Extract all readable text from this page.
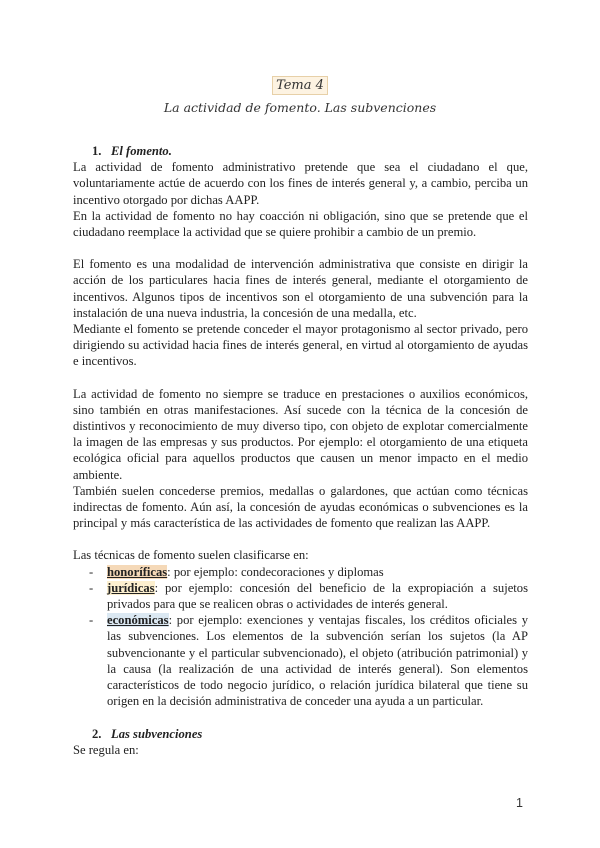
Tema 4
La actividad de fomento. Las subvenciones
1. El fomento.

La actividad de fomento administrativo pretende que sea el ciudadano el que, voluntariamente actúe de acuerdo con los fines de interés general y, a cambio, perciba un incentivo otorgado por dichas AAPP.

En la actividad de fomento no hay coacción ni obligación, sino que se pretende que el ciudadano reemplace la actividad que se quiere prohibir a cambio de un premio.

El fomento es una modalidad de intervención administrativa que consiste en dirigir la acción de los particulares hacia fines de interés general, mediante el otorgamiento de incentivos. Algunos tipos de incentivos son el otorgamiento de una subvención para la instalación de una nueva industria, la concesión de una medalla, etc.

Mediante el fomento se pretende conceder el mayor protagonismo al sector privado, pero dirigiendo su actividad hacia fines de interés general, en virtud al otorgamiento de ayudas e incentivos.

La actividad de fomento no siempre se traduce en prestaciones o auxilios económicos, sino también en otras manifestaciones. Así sucede con la técnica de la concesión de distintivos y reconocimiento de muy diverso tipo, con objeto de explotar comercialmente la imagen de las empresas y sus productos. Por ejemplo: el otorgamiento de una etiqueta ecológica oficial para aquellos productos que causen un menor impacto en el medio ambiente.

También suelen concederse premios, medallas o galardones, que actúan como técnicas indirectas de fomento. Aún así, la concesión de ayudas económicas o subvenciones es la principal y más característica de las actividades de fomento que realizan las AAPP.

Las técnicas de fomento suelen clasificarse en:

- honoríficas: por ejemplo: condecoraciones y diplomas
- jurídicas: por ejemplo: concesión del beneficio de la expropiación a sujetos privados para que se realicen obras o actividades de interés general.
- económicas: por ejemplo: exenciones y ventajas fiscales, los créditos oficiales y las subvenciones. Los elementos de la subvención serían los sujetos (la AP subvencionante y el particular subvencionado), el objeto (atribución patrimonial) y la causa (la realización de una actividad de interés general). Son elementos característicos de todo negocio jurídico, o relación jurídica bilateral que tiene su origen en la decisión administrativa de conceder una ayuda a un particular.
2. Las subvenciones

Se regula en:

1
